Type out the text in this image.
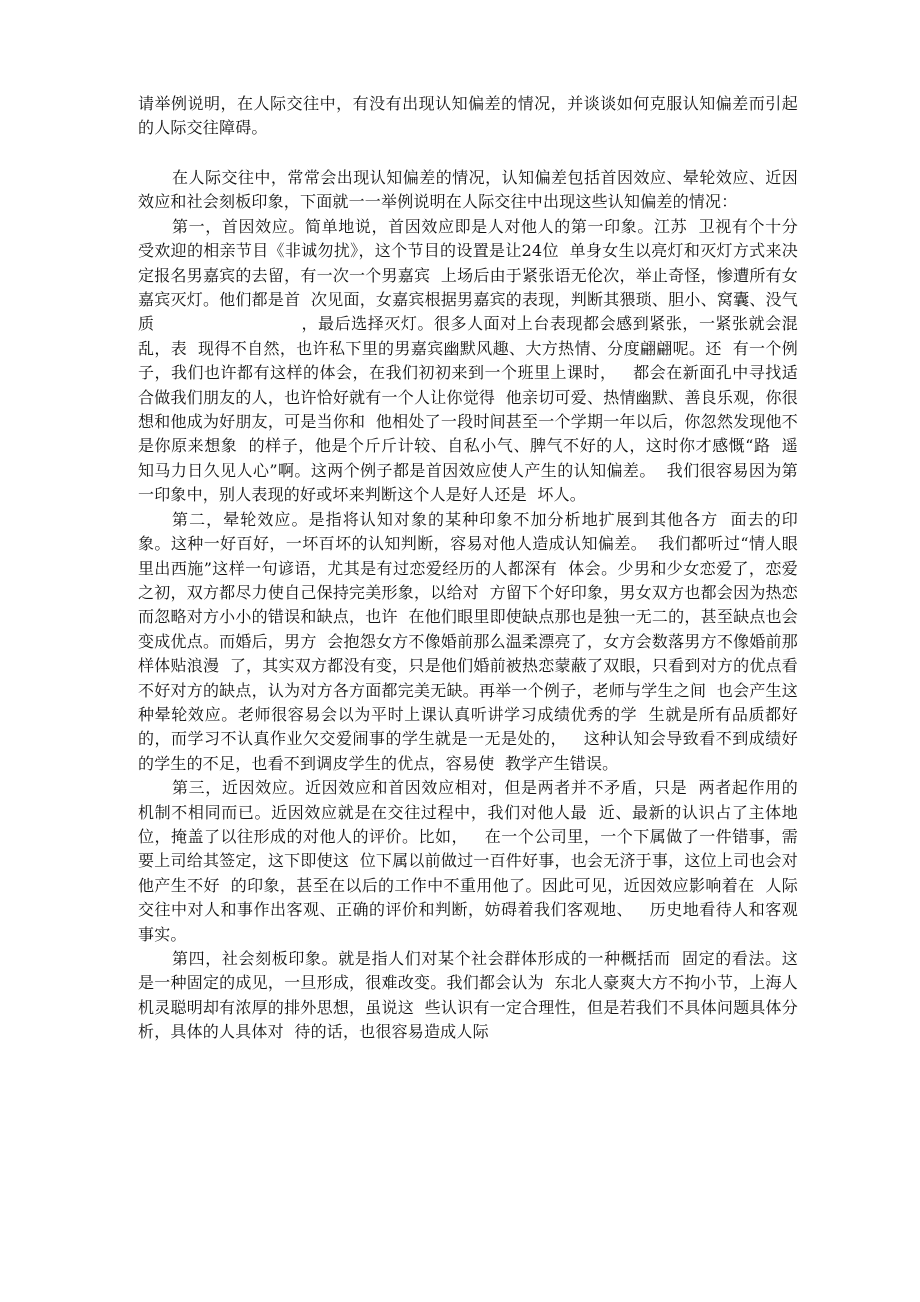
请举例说明，在人际交往中，有没有出现认知偏差的情况，并谈谈如何克服认知偏差而引起的人际交往障碍。

在人际交往中，常常会出现认知偏差的情况，认知偏差包括首因效应、晕轮效应、近因效应和社会刻板印象，下面就一一举例说明在人际交往中出现这些认知偏差的情况：

第一，首因效应。简单地说，首因效应即是人对他人的第一印象。江苏  卫视有个十分受欢迎的相亲节目《非诚勿扰》，这个节目的设置是让24位  单身女生以亮灯和灭灯方式来决定报名男嘉宾的去留，有一次一个男嘉宾  上场后由于紧张语无伦次，举止奇怪，惨遭所有女嘉宾灭灯。他们都是首  次见面，女嘉宾根据男嘉宾的表现，判断其猥琐、胆小、窝囊、没气质                          ，最后选择灭灯。很多人面对上台表现都会感到紧张，一紧张就会混乱，表  现得不自然，也许私下里的男嘉宾幽默风趣、大方热情、分度翩翩呢。还  有一个例子，我们也许都有这样的体会，在我们初初来到一个班里上课时，   都会在新面孔中寻找适合做我们朋友的人，也许恰好就有一个人让你觉得  他亲切可爱、热情幽默、善良乐观，你很想和他成为好朋友，可是当你和  他相处了一段时间甚至一个学期一年以后，你忽然发现他不是你原来想象  的样子，他是个斤斤计较、自私小气、脾气不好的人，这时你才感慨“路  遥知马力日久见人心”啊。这两个例子都是首因效应使人产生的认知偏差。  我们很容易因为第一印象中，别人表现的好或坏来判断这个人是好人还是  坏人。

第二，晕轮效应。是指将认知对象的某种印象不加分析地扩展到其他各方  面去的印象。这种一好百好，一坏百坏的认知判断，容易对他人造成认知偏差。  我们都听过“情人眼里出西施”这样一句谚语，尤其是有过恋爱经历的人都深有  体会。少男和少女恋爱了，恋爱之初，双方都尽力使自己保持完美形象，以给对  方留下个好印象，男女双方也都会因为热恋而忽略对方小小的错误和缺点，也许  在他们眼里即使缺点那也是独一无二的，甚至缺点也会变成优点。而婚后，男方  会抱怨女方不像婚前那么温柔漂亮了，女方会数落男方不像婚前那样体贴浪漫  了，其实双方都没有变，只是他们婚前被热恋蒙蔽了双眼，只看到对方的优点看  不好对方的缺点，认为对方各方面都完美无缺。再举一个例子，老师与学生之间  也会产生这种晕轮效应。老师很容易会以为平时上课认真听讲学习成绩优秀的学  生就是所有品质都好的，而学习不认真作业欠交爱闹事的学生就是一无是处的，   这种认知会导致看不到成绩好的学生的不足，也看不到调皮学生的优点，容易使  教学产生错误。

第三，近因效应。近因效应和首因效应相对，但是两者并不矛盾，只是  两者起作用的机制不相同而已。近因效应就是在交往过程中，我们对他人最  近、最新的认识占了主体地位，掩盖了以往形成的对他人的评价。比如，   在一个公司里，一个下属做了一件错事，需要上司给其签定，这下即使这  位下属以前做过一百件好事，也会无济于事，这位上司也会对他产生不好  的印象，甚至在以后的工作中不重用他了。因此可见，近因效应影响着在  人际交往中对人和事作出客观、正确的评价和判断，妨碍着我们客观地、   历史地看待人和客观事实。

第四，社会刻板印象。就是指人们对某个社会群体形成的一种概括而  固定的看法。这是一种固定的成见，一旦形成，很难改变。我们都会认为  东北人豪爽大方不拘小节，上海人机灵聪明却有浓厚的排外思想，虽说这  些认识有一定合理性，但是若我们不具体问题具体分析，具体的人具体对  待的话，也很容易造成人际
